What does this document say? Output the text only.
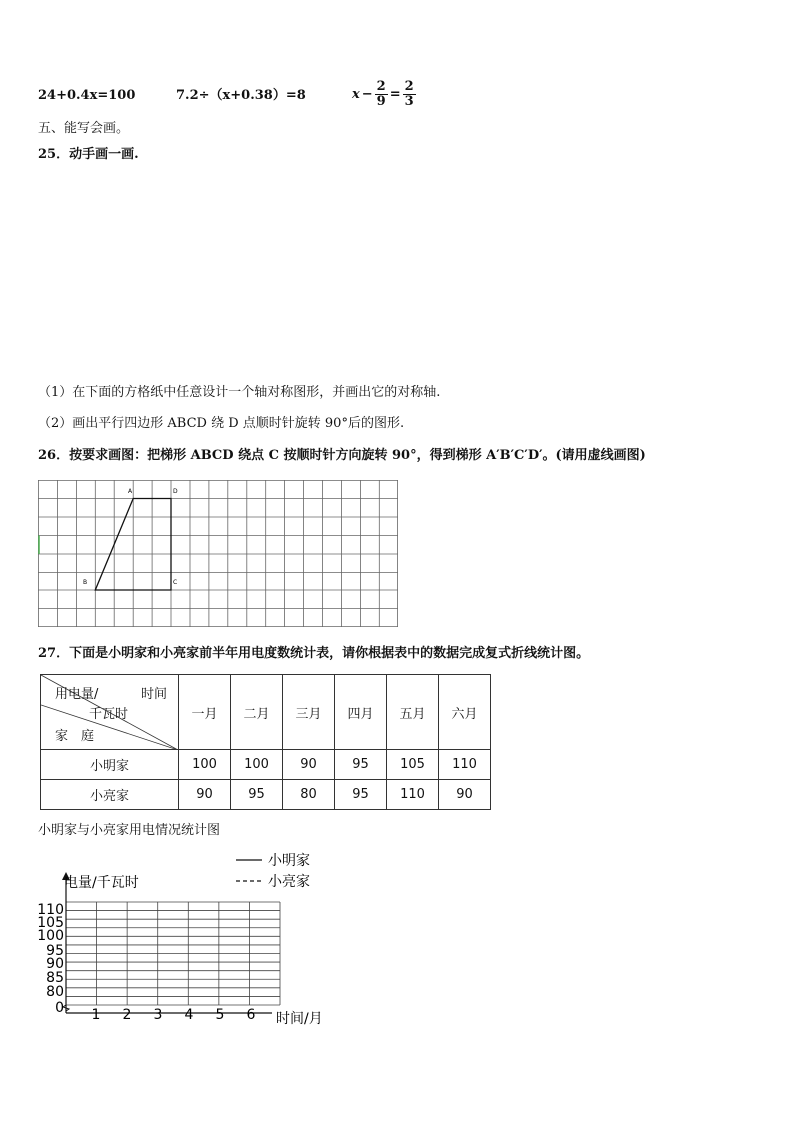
24+0.4x=100	7.2÷（x+0.38）=8	$x - \frac{2}{9} = \frac{2}{3}$
五、能写会画。
25．动手画一画.
（1）在下面的方格纸中任意设计一个轴对称图形，并画出它的对称轴.
（2）画出平行四边形 ABCD 绕 D 点顺时针旋转 90°后的图形.
26．按要求画图：把梯形 ABCD 绕点 C 按顺时针方向旋转 90°，得到梯形 A′B′C′D′。(请用虚线画图)
A	D
B	C
27．下面是小明家和小亮家前半年用电度数统计表，请你根据表中的数据完成复式折线统计图。
用电量/ 时间
千瓦时
家　庭	一月	二月	三月	四月	五月	六月
小明家	100	100	90	95	105	110
小亮家	90	95	80	95	110	90
小明家与小亮家用电情况统计图
0
80
85
90
95
100
105
110
1 2 3 4 5 6
电量/千瓦时
时间/月
小明家
小亮家
